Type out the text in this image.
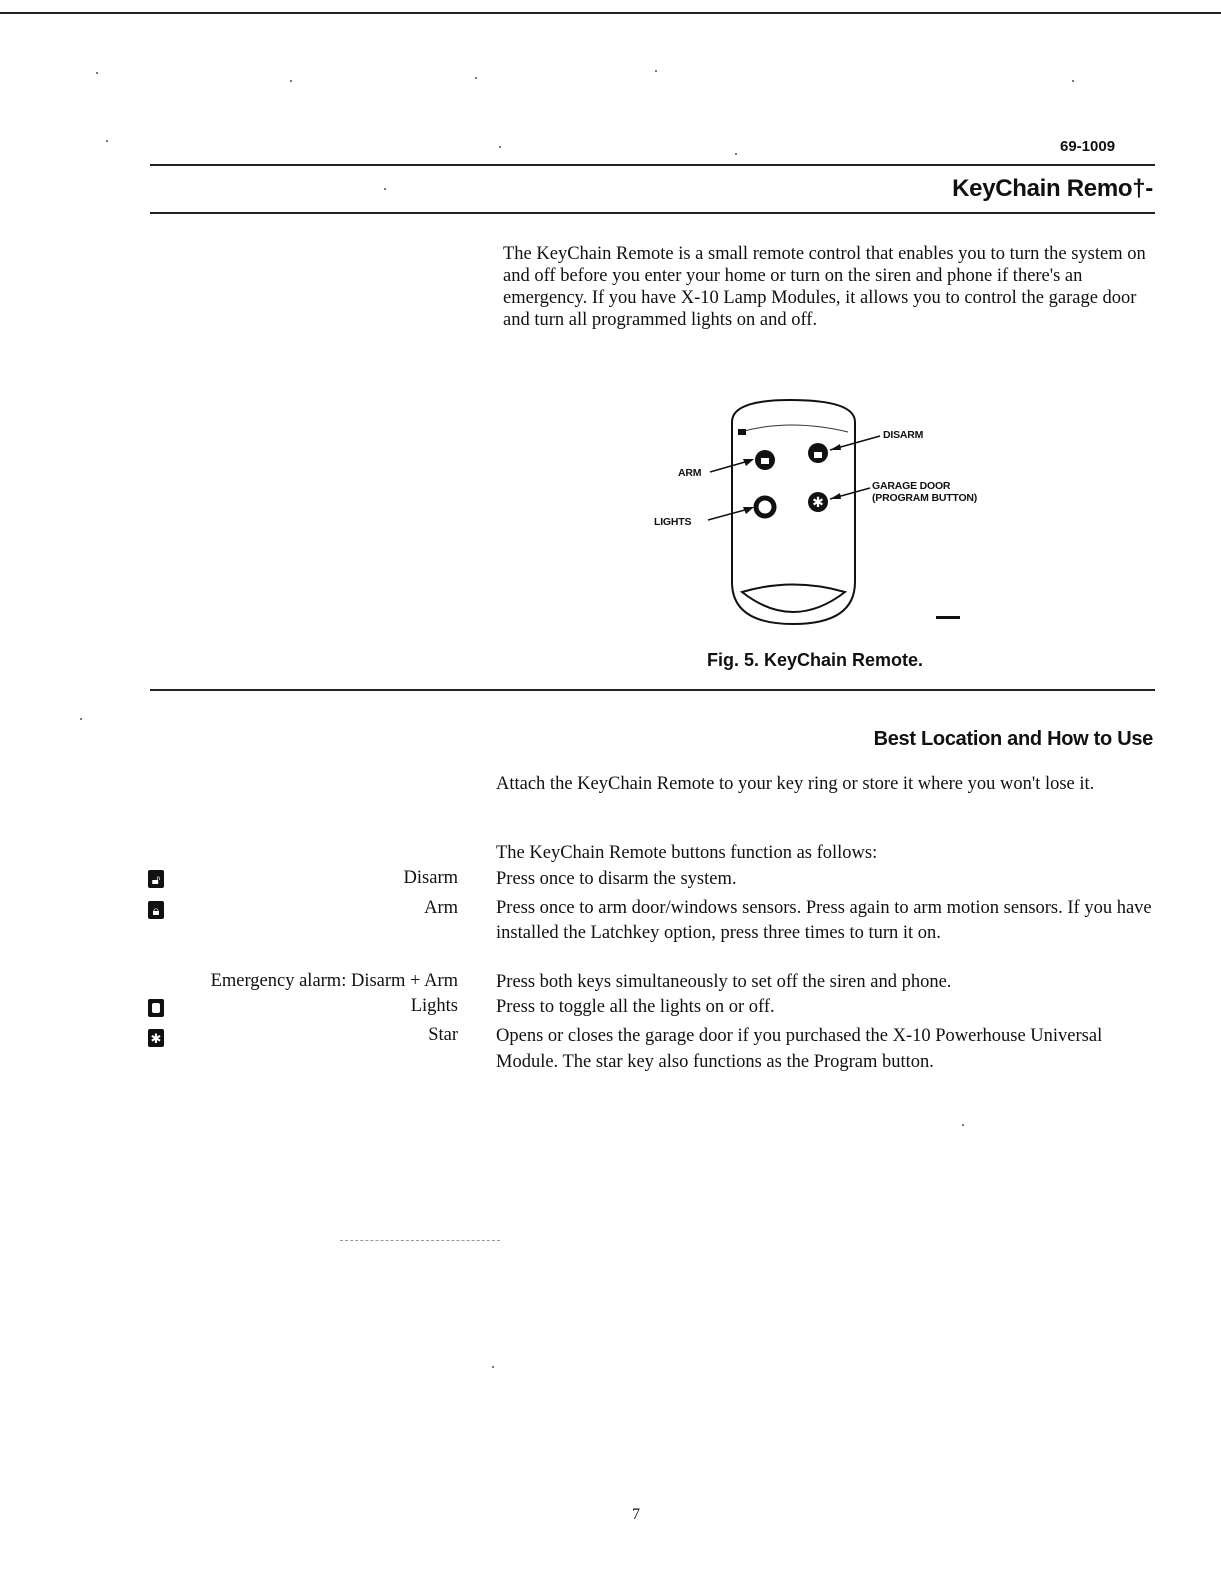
69-1009
KeyChain Remo†-
The KeyChain Remote is a small remote control that enables you to turn the system on and off before you enter your home or turn on the siren and phone if there's an emergency. If you have X-10 Lamp Modules, it allows you to control the garage door and turn all programmed lights on and off.
✱
DISARM
ARM
GARAGE DOOR
(PROGRAM BUTTON)
LIGHTS
Fig. 5. KeyChain Remote.
Best Location and How to Use
Attach the KeyChain Remote to your key ring or store it where you won't lose it.
The KeyChain Remote buttons function as follows:
🔓︎	Disarm Press once to disarm the system.
🔒︎	Arm Press once to arm door/windows sensors. Press again to arm motion sensors. If you have installed the Latchkey option, press three times to turn it on.
Emergency alarm: Disarm + Arm Press both keys simultaneously to set off the siren and phone.
Lights Press to toggle all the lights on or off.
✱	Star Opens or closes the garage door if you purchased the X-10 Powerhouse Universal Module. The star key also functions as the Program button.
7
